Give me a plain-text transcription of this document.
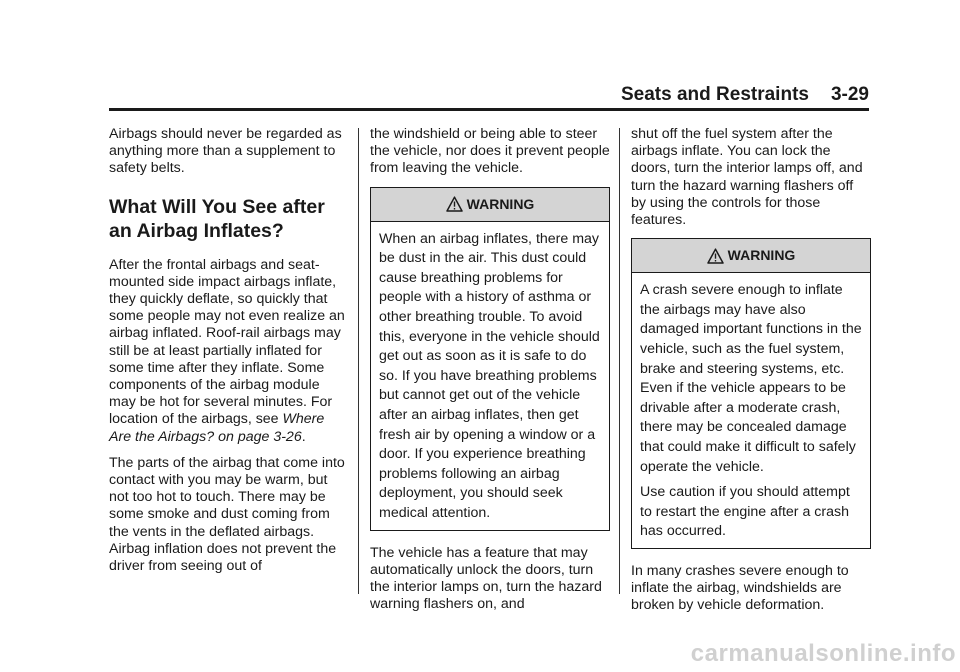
Seats and Restraints 3-29

Airbags should never be regarded as anything more than a supplement to safety belts.

What Will You See after an Airbag Inflates?

After the frontal airbags and seat-mounted side impact airbags inflate, they quickly deflate, so quickly that some people may not even realize an airbag inflated. Roof-rail airbags may still be at least partially inflated for some time after they inflate. Some components of the airbag module may be hot for several minutes. For location of the airbags, see Where Are the Airbags? on page 3-26.

The parts of the airbag that come into contact with you may be warm, but not too hot to touch. There may be some smoke and dust coming from the vents in the deflated airbags. Airbag inflation does not prevent the driver from seeing out of

the windshield or being able to steer the vehicle, nor does it prevent people from leaving the vehicle.

WARNING

When an airbag inflates, there may be dust in the air. This dust could cause breathing problems for people with a history of asthma or other breathing trouble. To avoid this, everyone in the vehicle should get out as soon as it is safe to do so. If you have breathing problems but cannot get out of the vehicle after an airbag inflates, then get fresh air by opening a window or a door. If you experience breathing problems following an airbag deployment, you should seek medical attention.

The vehicle has a feature that may automatically unlock the doors, turn the interior lamps on, turn the hazard warning flashers on, and

shut off the fuel system after the airbags inflate. You can lock the doors, turn the interior lamps off, and turn the hazard warning flashers off by using the controls for those features.

WARNING

A crash severe enough to inflate the airbags may have also damaged important functions in the vehicle, such as the fuel system, brake and steering systems, etc. Even if the vehicle appears to be drivable after a moderate crash, there may be concealed damage that could make it difficult to safely operate the vehicle.

Use caution if you should attempt to restart the engine after a crash has occurred.

In many crashes severe enough to inflate the airbag, windshields are broken by vehicle deformation.

carmanualsonline.info
